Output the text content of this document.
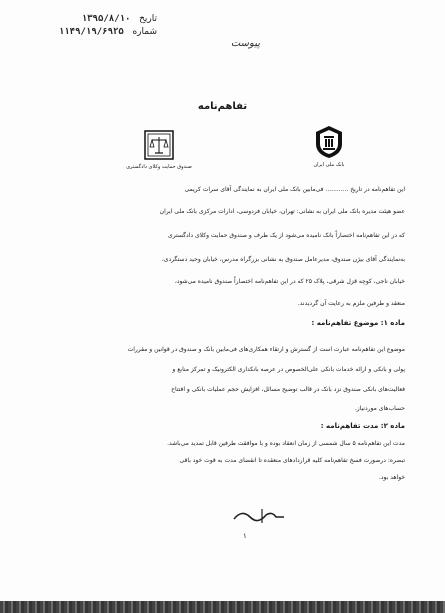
تاریخ   ۱۳۹۵/۸/۱۰
شماره   ۱۱۴۹/۱۹/۶۹۲۵
پیوست
تفاهم‌نامه
صندوق حمایت وکلای دادگستری	بانک ملی ایران
این تفاهم‌نامه در تاریخ ............ فی‌مابین بانک ملی ایران به نمایندگی آقای سرات کریمی
عضو هیئت مدیره بانک ملی ایران به نشانی: تهران، خیابان فردوسی، ادارات مرکزی بانک ملی ایران
که در این تفاهم‌نامه اختصاراً بانک نامیده می‌شود از یک طرف و صندوق حمایت وکلای دادگستری
به‌نمایندگی آقای بیژن صندوق، مدیرعامل صندوق به نشانی بزرگراه مدرس، خیابان وحید دستگردی،
خیابان ناجی، کوچه قزل شرقی، پلاک ۲۵ که در این تفاهم‌نامه اختصاراً صندوق نامیده می‌شود،
منعقد و طرفین ملزم به رعایت آن گردیدند.
ماده ۱: موضوع تفاهم‌نامه :
موضوع این تفاهم‌نامه عبارت است از گسترش و ارتقاء همکاری‌های فی‌مابین بانک و صندوق در قوانین و مقررات
پولی و بانکی و ارائه خدمات بانکی علی‌الخصوص در عرصه بانکداری الکترونیک و تمرکز منابع و
فعالیت‌های بانکی صندوق نزد بانک در قالب توضیح مسائل، افزایش حجم عملیات بانکی و افتتاح
حساب‌های موردنیاز.
ماده ۲: مدت تفاهم‌نامه :
مدت این تفاهم‌نامه ۵ سال شمسی از زمان انعقاد بوده و با موافقت طرفین قابل تمدید می‌باشد.
تبصره: درصورت فسخ تفاهم‌نامه کلیه قراردادهای منعقده تا انقضای مدت به قوت خود باقی
خواهد بود.
۱
